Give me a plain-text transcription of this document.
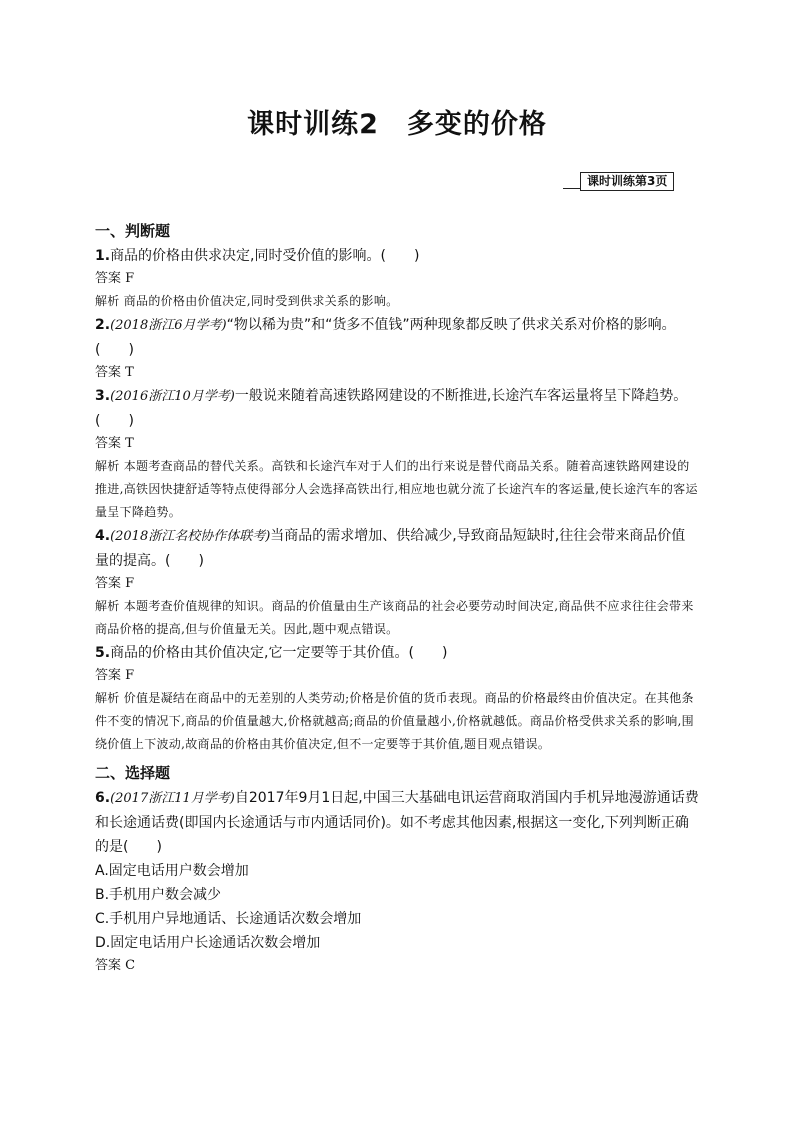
课时训练2　多变的价格
课时训练第3页
一、判断题
1.商品的价格由供求决定,同时受价值的影响。(　　)
答案 F
解析 商品的价格由价值决定,同时受到供求关系的影响。
2.(2018浙江6月学考)“物以稀为贵”和“货多不值钱”两种现象都反映了供求关系对价格的影响。(　　)
答案 T
3.(2016浙江10月学考)一般说来随着高速铁路网建设的不断推进,长途汽车客运量将呈下降趋势。(　　)
答案 T
解析 本题考查商品的替代关系。高铁和长途汽车对于人们的出行来说是替代商品关系。随着高速铁路网建设的推进,高铁因快捷舒适等特点使得部分人会选择高铁出行,相应地也就分流了长途汽车的客运量,使长途汽车的客运量呈下降趋势。
4.(2018浙江名校协作体联考)当商品的需求增加、供给减少,导致商品短缺时,往往会带来商品价值量的提高。(　　)
答案 F
解析 本题考查价值规律的知识。商品的价值量由生产该商品的社会必要劳动时间决定,商品供不应求往往会带来商品价格的提高,但与价值量无关。因此,题中观点错误。
5.商品的价格由其价值决定,它一定要等于其价值。(　　)
答案 F
解析 价值是凝结在商品中的无差别的人类劳动;价格是价值的货币表现。商品的价格最终由价值决定。在其他条件不变的情况下,商品的价值量越大,价格就越高;商品的价值量越小,价格就越低。商品价格受供求关系的影响,围绕价值上下波动,故商品的价格由其价值决定,但不一定要等于其价值,题目观点错误。
二、选择题
6.(2017浙江11月学考)自2017年9月1日起,中国三大基础电讯运营商取消国内手机异地漫游通话费和长途通话费(即国内长途通话与市内通话同价)。如不考虑其他因素,根据这一变化,下列判断正确的是(　　)
A.固定电话用户数会增加
B.手机用户数会减少
C.手机用户异地通话、长途通话次数会增加
D.固定电话用户长途通话次数会增加
答案 C
